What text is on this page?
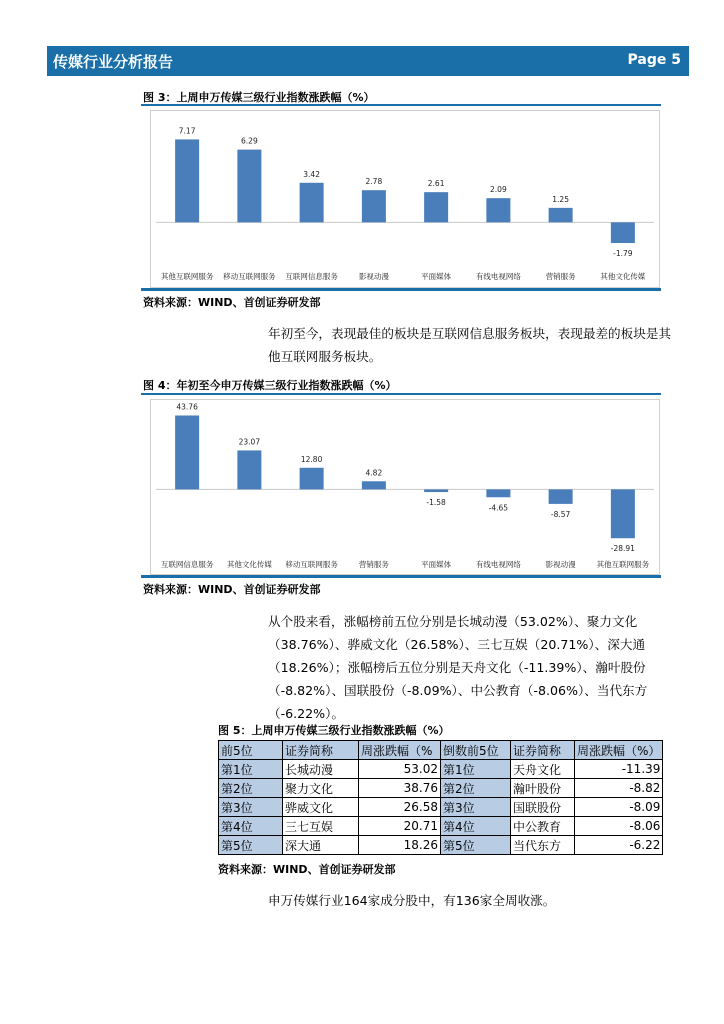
传媒行业分析报告	Page 5
图 3：上周申万传媒三级行业指数涨跌幅（%）
7.17
其他互联网服务
6.29
移动互联网服务
3.42
互联网信息服务
2.78
影视动漫
2.61
平面媒体
2.09
有线电视网络
1.25
营销服务
-1.79
其他文化传媒
资料来源：WIND、首创证券研发部
年初至今，表现最佳的板块是互联网信息服务板块，表现最差的板块是其他互联网服务板块。
图 4：年初至今申万传媒三级行业指数涨跌幅（%）
43.76
互联网信息服务
23.07
其他文化传媒
12.80
移动互联网服务
4.82
营销服务
-1.58
平面媒体
-4.65
有线电视网络
-8.57
影视动漫
-28.91
其他互联网服务
资料来源：WIND、首创证券研发部
从个股来看，涨幅榜前五位分别是长城动漫（53.02%）、聚力文化（38.76%）、骅威文化（26.58%）、三七互娱（20.71%）、深大通（18.26%）；涨幅榜后五位分别是天舟文化（-11.39%）、瀚叶股份（-8.82%）、国联股份（-8.09%）、中公教育（-8.06%）、当代东方（-6.22%）。
图 5：上周申万传媒三级行业指数涨跌幅（%）
前5位	证券简称	周涨跌幅（%	倒数前5位	证券简称	周涨跌幅（%）
第1位	长城动漫	53.02	第1位	天舟文化	-11.39
第2位	聚力文化	38.76	第2位	瀚叶股份	-8.82
第3位	骅威文化	26.58	第3位	国联股份	-8.09
第4位	三七互娱	20.71	第4位	中公教育	-8.06
第5位	深大通	18.26	第5位	当代东方	-6.22
资料来源：WIND、首创证券研发部
申万传媒行业164家成分股中，有136家全周收涨。
